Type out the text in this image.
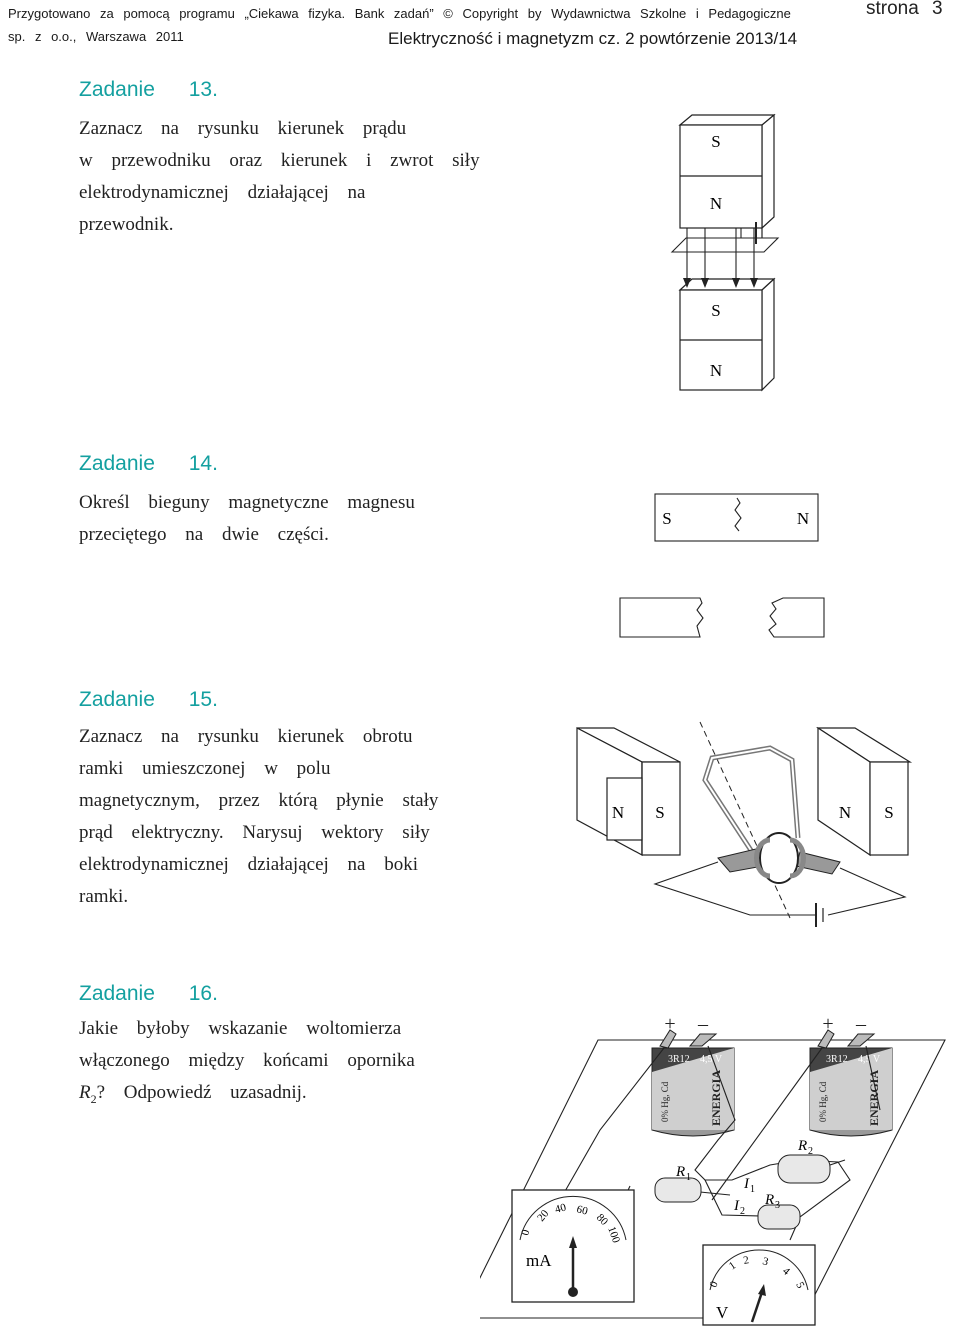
Przygotowano za pomocą programu „Ciekawa fizyka. Bank zadań” © Copyright by Wydawnictwa Szkolne i Pedagogiczne
sp. z o.o., Warszawa 2011	Elektryczność i magnetyzm cz. 2 powtórzenie 2013/14
strona 3
Zadanie 13.
Zaznacz na rysunku kierunek prądu
w przewodniku oraz kierunek i zwrot siły
elektrodynamicznej działającej na
przewodnik.
S
N
S
N
Zadanie 14.
Określ bieguny magnetyczne magnesu
przeciętego na dwie części.
S	N
Zadanie 15.
Zaznacz na rysunku kierunek obrotu
ramki umieszczonej w polu
magnetycznym, przez którą płynie stały
prąd elektryczny. Narysuj wektory siły
elektrodynamicznej działającej na boki
ramki.
N S	N S
Zadanie 16.
Jakie byłoby wskazanie woltomierza
włączonego między końcami opornika
$R_2$? Odpowiedź uzasadnij.
3R12 4,5 V
0% Hg, Cd	ENERGIA
+ –
3R12 4,5 V
0% Hg, Cd	ENERGIA
+ –
R 1
R 2
R 3
I 1
I 2
0
20 40 60
80
100
mA
0
1 2 3
4
5
V
